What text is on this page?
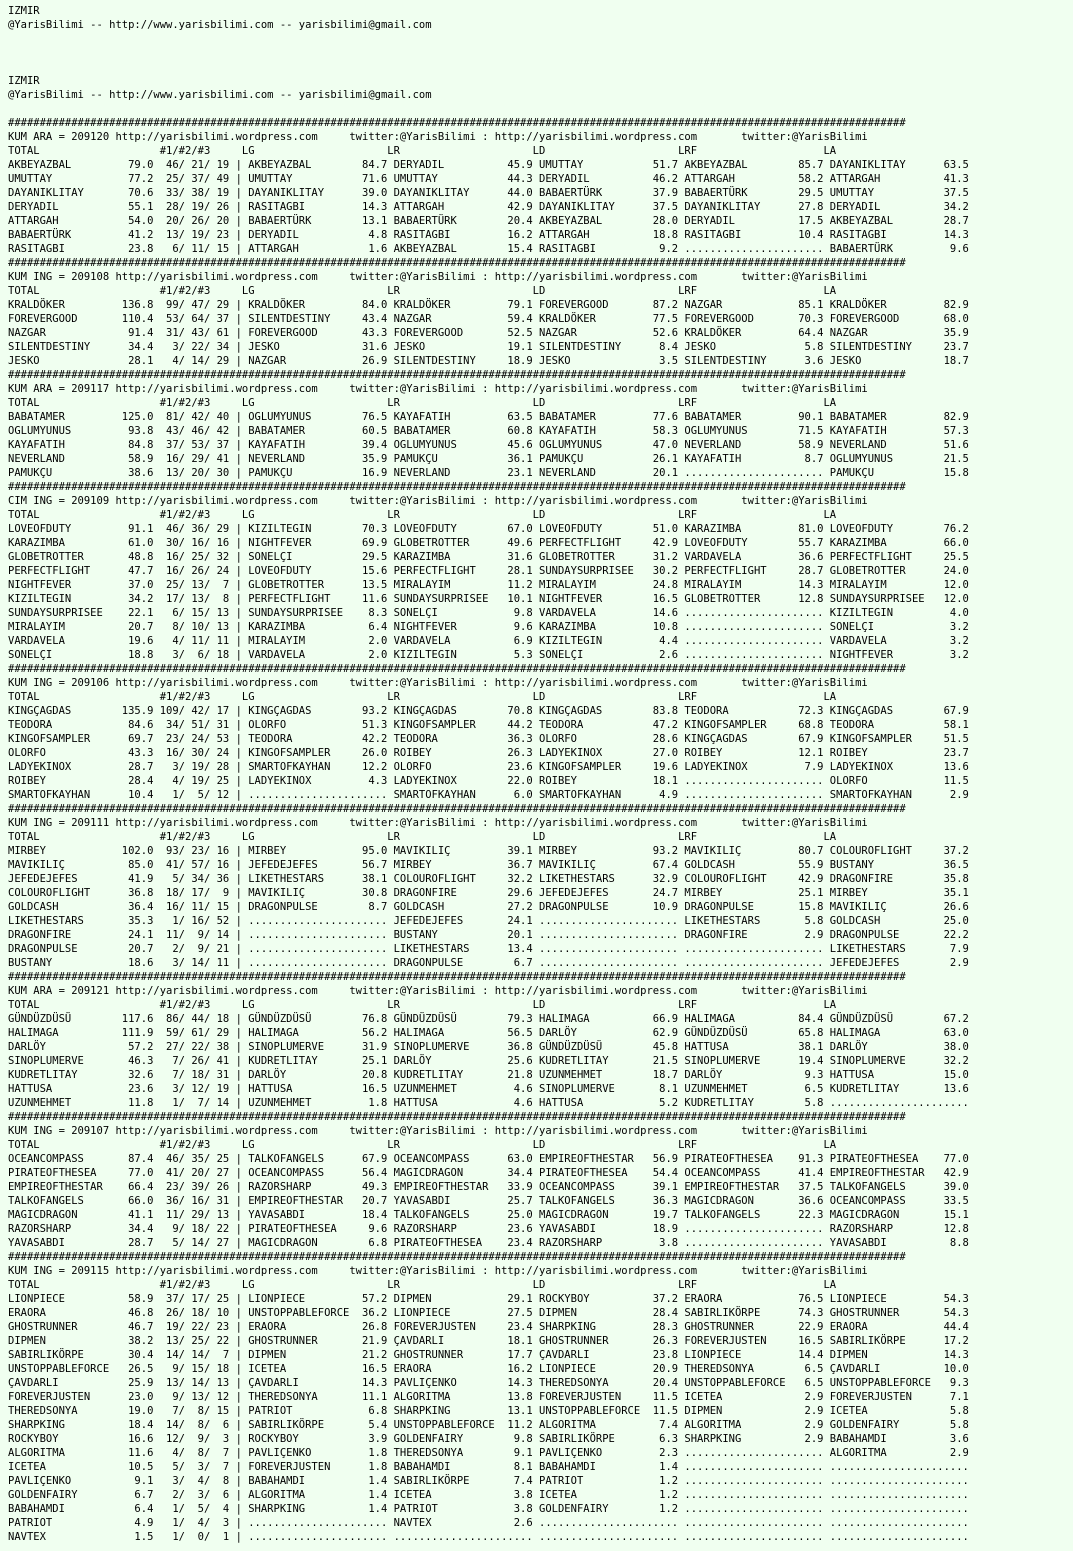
IZMIR
@YarisBilimi -- http://www.yarisbilimi.com -- yarisbilimi@gmail.com

IZMIR
@YarisBilimi -- http://www.yarisbilimi.com -- yarisbilimi@gmail.com

##############################################################################################################################################
KUM ARA = 209120 http://yarisbilimi.wordpress.com     twitter:@YarisBilimi : http://yarisbilimi.wordpress.com       twitter:@YarisBilimi
TOTAL                   #1/#2/#3     LG                     LR                     LD                     LRF                    LA
AKBEYAZBAL         79.0  46/ 21/ 19 | AKBEYAZBAL        84.7 DERYADIL          45.9 UMUTTAY           51.7 AKBEYAZBAL        85.7 DAYANIKLITAY      63.5
UMUTTAY            77.2  25/ 37/ 49 | UMUTTAY           71.6 UMUTTAY           44.3 DERYADIL          46.2 ATTARGAH          58.2 ATTARGAH          41.3
DAYANIKLITAY       70.6  33/ 38/ 19 | DAYANIKLITAY      39.0 DAYANIKLITAY      44.0 BABAERTÜRK        37.9 BABAERTÜRK        29.5 UMUTTAY           37.5
DERYADIL           55.1  28/ 19/ 26 | RASITAGBI         14.3 ATTARGAH          42.9 DAYANIKLITAY      37.5 DAYANIKLITAY      27.8 DERYADIL          34.2
ATTARGAH           54.0  20/ 26/ 20 | BABAERTÜRK        13.1 BABAERTÜRK        20.4 AKBEYAZBAL        28.0 DERYADIL          17.5 AKBEYAZBAL        28.7
BABAERTÜRK         41.2  13/ 19/ 23 | DERYADIL           4.8 RASITAGBI         16.2 ATTARGAH          18.8 RASITAGBI         10.4 RASITAGBI         14.3
RASITAGBI          23.8   6/ 11/ 15 | ATTARGAH           1.6 AKBEYAZBAL        15.4 RASITAGBI          9.2 ...................... BABAERTÜRK         9.6
##############################################################################################################################################
KUM ING = 209108 http://yarisbilimi.wordpress.com     twitter:@YarisBilimi : http://yarisbilimi.wordpress.com       twitter:@YarisBilimi
TOTAL                   #1/#2/#3     LG                     LR                     LD                     LRF                    LA
KRALDÖKER         136.8  99/ 47/ 29 | KRALDÖKER         84.0 KRALDÖKER         79.1 FOREVERGOOD       87.2 NAZGAR            85.1 KRALDÖKER         82.9
FOREVERGOOD       110.4  53/ 64/ 37 | SILENTDESTINY     43.4 NAZGAR            59.4 KRALDÖKER         77.5 FOREVERGOOD       70.3 FOREVERGOOD       68.0
NAZGAR             91.4  31/ 43/ 61 | FOREVERGOOD       43.3 FOREVERGOOD       52.5 NAZGAR            52.6 KRALDÖKER         64.4 NAZGAR            35.9
SILENTDESTINY      34.4   3/ 22/ 34 | JESKO             31.6 JESKO             19.1 SILENTDESTINY      8.4 JESKO              5.8 SILENTDESTINY     23.7
JESKO              28.1   4/ 14/ 29 | NAZGAR            26.9 SILENTDESTINY     18.9 JESKO              3.5 SILENTDESTINY      3.6 JESKO             18.7
##############################################################################################################################################
KUM ARA = 209117 http://yarisbilimi.wordpress.com     twitter:@YarisBilimi : http://yarisbilimi.wordpress.com       twitter:@YarisBilimi
TOTAL                   #1/#2/#3     LG                     LR                     LD                     LRF                    LA
BABATAMER         125.0  81/ 42/ 40 | OGLUMYUNUS        76.5 KAYAFATIH         63.5 BABATAMER         77.6 BABATAMER         90.1 BABATAMER         82.9
OGLUMYUNUS         93.8  43/ 46/ 42 | BABATAMER         60.5 BABATAMER         60.8 KAYAFATIH         58.3 OGLUMYUNUS        71.5 KAYAFATIH         57.3
KAYAFATIH          84.8  37/ 53/ 37 | KAYAFATIH         39.4 OGLUMYUNUS        45.6 OGLUMYUNUS        47.0 NEVERLAND         58.9 NEVERLAND         51.6
NEVERLAND          58.9  16/ 29/ 41 | NEVERLAND         35.9 PAMUKÇU           36.1 PAMUKÇU           26.1 KAYAFATIH          8.7 OGLUMYUNUS        21.5
PAMUKÇU            38.6  13/ 20/ 30 | PAMUKÇU           16.9 NEVERLAND         23.1 NEVERLAND         20.1 ...................... PAMUKÇU           15.8
##############################################################################################################################################
CIM ING = 209109 http://yarisbilimi.wordpress.com     twitter:@YarisBilimi : http://yarisbilimi.wordpress.com       twitter:@YarisBilimi
TOTAL                   #1/#2/#3     LG                     LR                     LD                     LRF                    LA
LOVEOFDUTY         91.1  46/ 36/ 29 | KIZILTEGIN        70.3 LOVEOFDUTY        67.0 LOVEOFDUTY        51.0 KARAZIMBA         81.0 LOVEOFDUTY        76.2
KARAZIMBA          61.0  30/ 16/ 16 | NIGHTFEVER        69.9 GLOBETROTTER      49.6 PERFECTFLIGHT     42.9 LOVEOFDUTY        55.7 KARAZIMBA         66.0
GLOBETROTTER       48.8  16/ 25/ 32 | SONELÇI           29.5 KARAZIMBA         31.6 GLOBETROTTER      31.2 VARDAVELA         36.6 PERFECTFLIGHT     25.5
PERFECTFLIGHT      47.7  16/ 26/ 24 | LOVEOFDUTY        15.6 PERFECTFLIGHT     28.1 SUNDAYSURPRISEE   30.2 PERFECTFLIGHT     28.7 GLOBETROTTER      24.0
NIGHTFEVER         37.0  25/ 13/  7 | GLOBETROTTER      13.5 MIRALAYIM         11.2 MIRALAYIM         24.8 MIRALAYIM         14.3 MIRALAYIM         12.0
KIZILTEGIN         34.2  17/ 13/  8 | PERFECTFLIGHT     11.6 SUNDAYSURPRISEE   10.1 NIGHTFEVER        16.5 GLOBETROTTER      12.8 SUNDAYSURPRISEE   12.0
SUNDAYSURPRISEE    22.1   6/ 15/ 13 | SUNDAYSURPRISEE    8.3 SONELÇI            9.8 VARDAVELA         14.6 ...................... KIZILTEGIN         4.0
MIRALAYIM          20.7   8/ 10/ 13 | KARAZIMBA          6.4 NIGHTFEVER         9.6 KARAZIMBA         10.8 ...................... SONELÇI            3.2
VARDAVELA          19.6   4/ 11/ 11 | MIRALAYIM          2.0 VARDAVELA          6.9 KIZILTEGIN         4.4 ...................... VARDAVELA          3.2
SONELÇI            18.8   3/  6/ 18 | VARDAVELA          2.0 KIZILTEGIN         5.3 SONELÇI            2.6 ...................... NIGHTFEVER         3.2
##############################################################################################################################################
KUM ING = 209106 http://yarisbilimi.wordpress.com     twitter:@YarisBilimi : http://yarisbilimi.wordpress.com       twitter:@YarisBilimi
TOTAL                   #1/#2/#3     LG                     LR                     LD                     LRF                    LA
KINGÇAGDAS        135.9 109/ 42/ 17 | KINGÇAGDAS        93.2 KINGÇAGDAS        70.8 KINGÇAGDAS        83.8 TEODORA           72.3 KINGÇAGDAS        67.9
TEODORA            84.6  34/ 51/ 31 | OLORFO            51.3 KINGOFSAMPLER     44.2 TEODORA           47.2 KINGOFSAMPLER     68.8 TEODORA           58.1
KINGOFSAMPLER      69.7  23/ 24/ 53 | TEODORA           42.2 TEODORA           36.3 OLORFO            28.6 KINGÇAGDAS        67.9 KINGOFSAMPLER     51.5
OLORFO             43.3  16/ 30/ 24 | KINGOFSAMPLER     26.0 ROIBEY            26.3 LADYEKINOX        27.0 ROIBEY            12.1 ROIBEY            23.7
LADYEKINOX         28.7   3/ 19/ 28 | SMARTOFKAYHAN     12.2 OLORFO            23.6 KINGOFSAMPLER     19.6 LADYEKINOX         7.9 LADYEKINOX        13.6
ROIBEY             28.4   4/ 19/ 25 | LADYEKINOX         4.3 LADYEKINOX        22.0 ROIBEY            18.1 ...................... OLORFO            11.5
SMARTOFKAYHAN      10.4   1/  5/ 12 | ...................... SMARTOFKAYHAN      6.0 SMARTOFKAYHAN      4.9 ...................... SMARTOFKAYHAN      2.9
##############################################################################################################################################
KUM ING = 209111 http://yarisbilimi.wordpress.com     twitter:@YarisBilimi : http://yarisbilimi.wordpress.com       twitter:@YarisBilimi
TOTAL                   #1/#2/#3     LG                     LR                     LD                     LRF                    LA
MIRBEY            102.0  93/ 23/ 16 | MIRBEY            95.0 MAVIKILIÇ         39.1 MIRBEY            93.2 MAVIKILIÇ         80.7 COLOUROFLIGHT     37.2
MAVIKILIÇ          85.0  41/ 57/ 16 | JEFEDEJEFES       56.7 MIRBEY            36.7 MAVIKILIÇ         67.4 GOLDCASH          55.9 BUSTANY           36.5
JEFEDEJEFES        41.9   5/ 34/ 36 | LIKETHESTARS      38.1 COLOUROFLIGHT     32.2 LIKETHESTARS      32.9 COLOUROFLIGHT     42.9 DRAGONFIRE        35.8
COLOUROFLIGHT      36.8  18/ 17/  9 | MAVIKILIÇ         30.8 DRAGONFIRE        29.6 JEFEDEJEFES       24.7 MIRBEY            25.1 MIRBEY            35.1
GOLDCASH           36.4  16/ 11/ 15 | DRAGONPULSE        8.7 GOLDCASH          27.2 DRAGONPULSE       10.9 DRAGONPULSE       15.8 MAVIKILIÇ         26.6
LIKETHESTARS       35.3   1/ 16/ 52 | ...................... JEFEDEJEFES       24.1 ...................... LIKETHESTARS       5.8 GOLDCASH          25.0
DRAGONFIRE         24.1  11/  9/ 14 | ...................... BUSTANY           20.1 ...................... DRAGONFIRE         2.9 DRAGONPULSE       22.2
DRAGONPULSE        20.7   2/  9/ 21 | ...................... LIKETHESTARS      13.4 ...................... ...................... LIKETHESTARS       7.9
BUSTANY            18.6   3/ 14/ 11 | ...................... DRAGONPULSE        6.7 ...................... ...................... JEFEDEJEFES        2.9
##############################################################################################################################################
KUM ARA = 209121 http://yarisbilimi.wordpress.com     twitter:@YarisBilimi : http://yarisbilimi.wordpress.com       twitter:@YarisBilimi
TOTAL                   #1/#2/#3     LG                     LR                     LD                     LRF                    LA
GÜNDÜZDÜSÜ        117.6  86/ 44/ 18 | GÜNDÜZDÜSÜ        76.8 GÜNDÜZDÜSÜ        79.3 HALIMAGA          66.9 HALIMAGA          84.4 GÜNDÜZDÜSÜ        67.2
HALIMAGA          111.9  59/ 61/ 29 | HALIMAGA          56.2 HALIMAGA          56.5 DARLÖY            62.9 GÜNDÜZDÜSÜ        65.8 HALIMAGA          63.0
DARLÖY             57.2  27/ 22/ 38 | SINOPLUMERVE      31.9 SINOPLUMERVE      36.8 GÜNDÜZDÜSÜ        45.8 HATTUSA           38.1 DARLÖY            38.0
SINOPLUMERVE       46.3   7/ 26/ 41 | KUDRETLITAY       25.1 DARLÖY            25.6 KUDRETLITAY       21.5 SINOPLUMERVE      19.4 SINOPLUMERVE      32.2
KUDRETLITAY        32.6   7/ 18/ 31 | DARLÖY            20.8 KUDRETLITAY       21.8 UZUNMEHMET        18.7 DARLÖY             9.3 HATTUSA           15.0
HATTUSA            23.6   3/ 12/ 19 | HATTUSA           16.5 UZUNMEHMET         4.6 SINOPLUMERVE       8.1 UZUNMEHMET         6.5 KUDRETLITAY       13.6
UZUNMEHMET         11.8   1/  7/ 14 | UZUNMEHMET         1.8 HATTUSA            4.6 HATTUSA            5.2 KUDRETLITAY        5.8 ......................
##############################################################################################################################################
KUM ING = 209107 http://yarisbilimi.wordpress.com     twitter:@YarisBilimi : http://yarisbilimi.wordpress.com       twitter:@YarisBilimi
TOTAL                   #1/#2/#3     LG                     LR                     LD                     LRF                    LA
OCEANCOMPASS       87.4  46/ 35/ 25 | TALKOFANGELS      67.9 OCEANCOMPASS      63.0 EMPIREOFTHESTAR   56.9 PIRATEOFTHESEA    91.3 PIRATEOFTHESEA    77.0
PIRATEOFTHESEA     77.0  41/ 20/ 27 | OCEANCOMPASS      56.4 MAGICDRAGON       34.4 PIRATEOFTHESEA    54.4 OCEANCOMPASS      41.4 EMPIREOFTHESTAR   42.9
EMPIREOFTHESTAR    66.4  23/ 39/ 26 | RAZORSHARP        49.3 EMPIREOFTHESTAR   33.9 OCEANCOMPASS      39.1 EMPIREOFTHESTAR   37.5 TALKOFANGELS      39.0
TALKOFANGELS       66.0  36/ 16/ 31 | EMPIREOFTHESTAR   20.7 YAVASABDI         25.7 TALKOFANGELS      36.3 MAGICDRAGON       36.6 OCEANCOMPASS      33.5
MAGICDRAGON        41.1  11/ 29/ 13 | YAVASABDI         18.4 TALKOFANGELS      25.0 MAGICDRAGON       19.7 TALKOFANGELS      22.3 MAGICDRAGON       15.1
RAZORSHARP         34.4   9/ 18/ 22 | PIRATEOFTHESEA     9.6 RAZORSHARP        23.6 YAVASABDI         18.9 ...................... RAZORSHARP        12.8
YAVASABDI          28.7   5/ 14/ 27 | MAGICDRAGON        6.8 PIRATEOFTHESEA    23.4 RAZORSHARP         3.8 ...................... YAVASABDI          8.8
##############################################################################################################################################
KUM ING = 209115 http://yarisbilimi.wordpress.com     twitter:@YarisBilimi : http://yarisbilimi.wordpress.com       twitter:@YarisBilimi
TOTAL                   #1/#2/#3     LG                     LR                     LD                     LRF                    LA
LIONPIECE          58.9  37/ 17/ 25 | LIONPIECE         57.2 DIPMEN            29.1 ROCKYBOY          37.2 ERAORA            76.5 LIONPIECE         54.3
ERAORA             46.8  26/ 18/ 10 | UNSTOPPABLEFORCE  36.2 LIONPIECE         27.5 DIPMEN            28.4 SABIRLIKÖRPE      74.3 GHOSTRUNNER       54.3
GHOSTRUNNER        46.7  19/ 22/ 23 | ERAORA            26.8 FOREVERJUSTEN     23.4 SHARPKING         28.3 GHOSTRUNNER       22.9 ERAORA            44.4
DIPMEN             38.2  13/ 25/ 22 | GHOSTRUNNER       21.9 ÇAVDARLI          18.1 GHOSTRUNNER       26.3 FOREVERJUSTEN     16.5 SABIRLIKÖRPE      17.2
SABIRLIKÖRPE       30.4  14/ 14/  7 | DIPMEN            21.2 GHOSTRUNNER       17.7 ÇAVDARLI          23.8 LIONPIECE         14.4 DIPMEN            14.3
UNSTOPPABLEFORCE   26.5   9/ 15/ 18 | ICETEA            16.5 ERAORA            16.2 LIONPIECE         20.9 THEREDSONYA        6.5 ÇAVDARLI          10.0
ÇAVDARLI           25.9  13/ 14/ 13 | ÇAVDARLI          14.3 PAVLIÇENKO        14.3 THEREDSONYA       20.4 UNSTOPPABLEFORCE   6.5 UNSTOPPABLEFORCE   9.3
FOREVERJUSTEN      23.0   9/ 13/ 12 | THEREDSONYA       11.1 ALGORITMA         13.8 FOREVERJUSTEN     11.5 ICETEA             2.9 FOREVERJUSTEN      7.1
THEREDSONYA        19.0   7/  8/ 15 | PATRIOT            6.8 SHARPKING         13.1 UNSTOPPABLEFORCE  11.5 DIPMEN             2.9 ICETEA             5.8
SHARPKING          18.4  14/  8/  6 | SABIRLIKÖRPE       5.4 UNSTOPPABLEFORCE  11.2 ALGORITMA          7.4 ALGORITMA          2.9 GOLDENFAIRY        5.8
ROCKYBOY           16.6  12/  9/  3 | ROCKYBOY           3.9 GOLDENFAIRY        9.8 SABIRLIKÖRPE       6.3 SHARPKING          2.9 BABAHAMDI          3.6
ALGORITMA          11.6   4/  8/  7 | PAVLIÇENKO         1.8 THEREDSONYA        9.1 PAVLIÇENKO         2.3 ...................... ALGORITMA          2.9
ICETEA             10.5   5/  3/  7 | FOREVERJUSTEN      1.8 BABAHAMDI          8.1 BABAHAMDI          1.4 ...................... ......................
PAVLIÇENKO          9.1   3/  4/  8 | BABAHAMDI          1.4 SABIRLIKÖRPE       7.4 PATRIOT            1.2 ...................... ......................
GOLDENFAIRY         6.7   2/  3/  6 | ALGORITMA          1.4 ICETEA             3.8 ICETEA             1.2 ...................... ......................
BABAHAMDI           6.4   1/  5/  4 | SHARPKING          1.4 PATRIOT            3.8 GOLDENFAIRY        1.2 ...................... ......................
PATRIOT             4.9   1/  4/  3 | ...................... NAVTEX             2.6 ...................... ...................... ......................
NAVTEX              1.5   1/  0/  1 | ...................... ...................... ...................... ...................... ......................
